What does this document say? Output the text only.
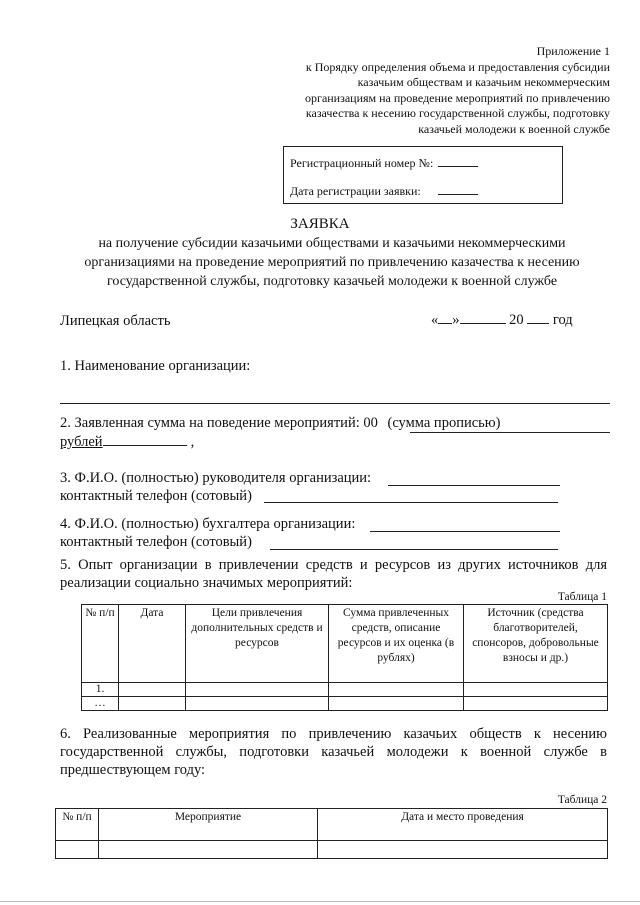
Приложение 1
к Порядку определения объема и предоставления субсидии
казачьим обществам и казачьим некоммерческим
организациям на проведение мероприятий по привлечению
казачества к несению государственной службы, подготовку
казачьей молодежи к военной службе
Регистрационный номер №:
Дата регистрации заявки:
ЗАЯВКА
на получение субсидии казачьими обществами и казачьими некоммерческими
организациями на проведение мероприятий по привлечению казачества к несению
государственной службы, подготовку казачьей молодежи к военной службе
Липецкая область	« »	20 год
1. Наименование организации:
2. Заявленная сумма на поведение мероприятий: 00 (сумма прописью)
рублей	,
3. Ф.И.О. (полностью) руководителя организации:
контактный телефон (сотовый)
4. Ф.И.О. (полностью) бухгалтера организации:
контактный телефон (сотовый)
5. Опыт организации в привлечении средств и ресурсов из других источников для
реализации социально значимых мероприятий:
Таблица 1
№ п/п	Дата	Цели привлечения дополнительных средств и ресурсов	Сумма привлеченных средств, описание ресурсов и их оценка (в рублях)	Источник (средства благотворителей, спонсоров, добровольные взносы и др.)
1.				
…				
6. Реализованные мероприятия по привлечению казачьих обществ к несению
государственной службы, подготовки казачьей молодежи к военной службе в
предшествующем году:
Таблица 2
№ п/п	Мероприятие	Дата и место проведения
